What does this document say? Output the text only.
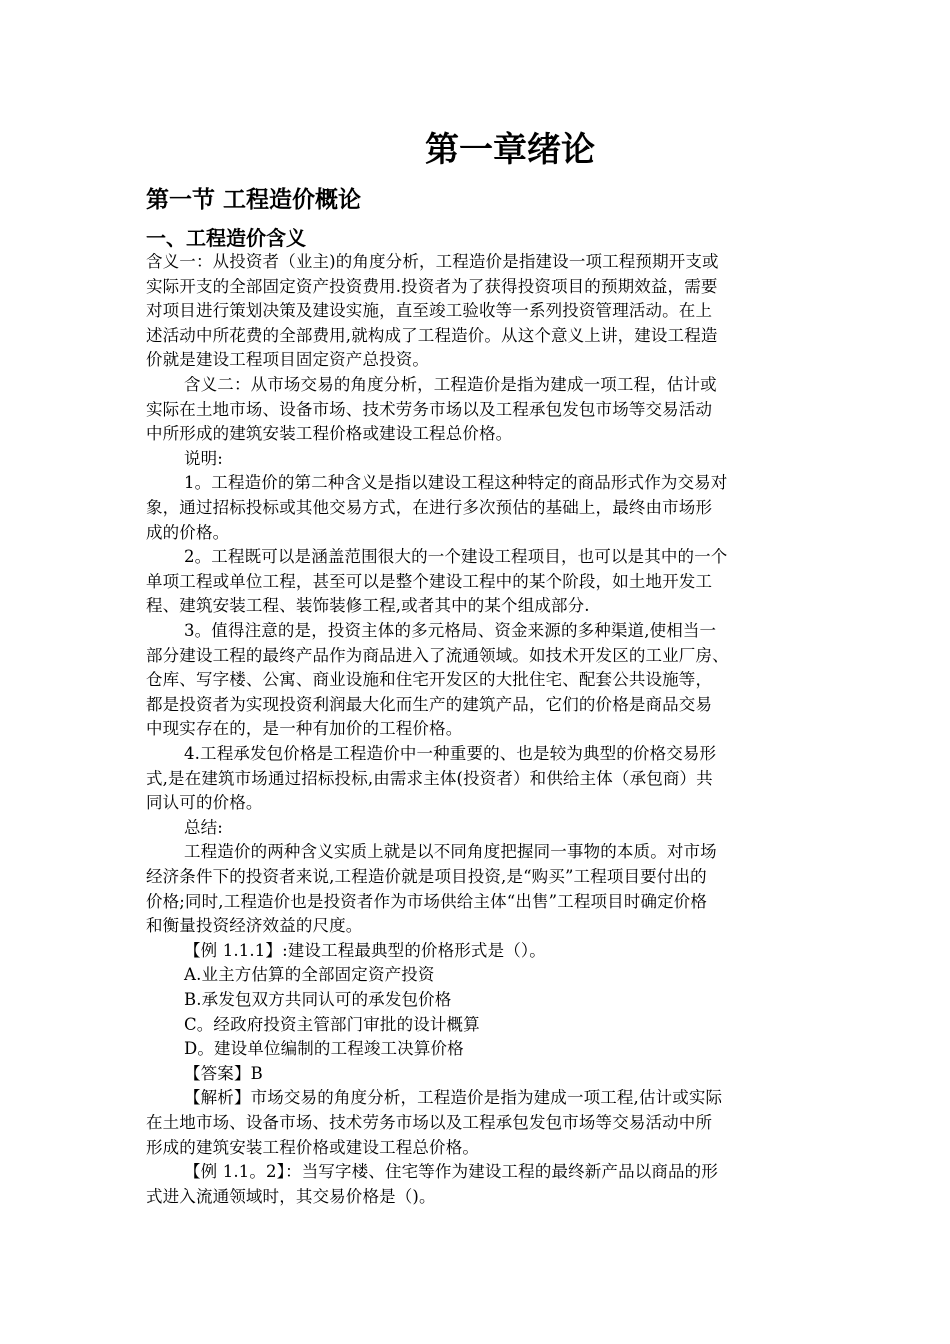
第一章绪论
第一节 工程造价概论
一、工程造价含义
含义一：从投资者（业主)的角度分析，工程造价是指建设一项工程预期开支或
实际开支的全部固定资产投资费用.投资者为了获得投资项目的预期效益，需要
对项目进行策划决策及建设实施，直至竣工验收等一系列投资管理活动。在上
述活动中所花费的全部费用,就构成了工程造价。从这个意义上讲，建设工程造
价就是建设工程项目固定资产总投资。
含义二：从市场交易的角度分析，工程造价是指为建成一项工程，估计或
实际在土地市场、设备市场、技术劳务市场以及工程承包发包市场等交易活动
中所形成的建筑安装工程价格或建设工程总价格。
说明:
1。工程造价的第二种含义是指以建设工程这种特定的商品形式作为交易对
象，通过招标投标或其他交易方式，在进行多次预估的基础上，最终由市场形
成的价格。
2。工程既可以是涵盖范围很大的一个建设工程项目，也可以是其中的一个
单项工程或单位工程，甚至可以是整个建设工程中的某个阶段，如土地开发工
程、建筑安装工程、装饰装修工程,或者其中的某个组成部分.
3。值得注意的是，投资主体的多元格局、资金来源的多种渠道,使相当一
部分建设工程的最终产品作为商品进入了流通领域。如技术开发区的工业厂房、
仓库、写字楼、公寓、商业设施和住宅开发区的大批住宅、配套公共设施等，
都是投资者为实现投资利润最大化而生产的建筑产品，它们的价格是商品交易
中现实存在的，是一种有加价的工程价格。
4.工程承发包价格是工程造价中一种重要的、也是较为典型的价格交易形
式,是在建筑市场通过招标投标,由需求主体(投资者）和供给主体（承包商）共
同认可的价格。
总结:
工程造价的两种含义实质上就是以不同角度把握同一事物的本质。对市场
经济条件下的投资者来说,工程造价就是项目投资,是“购买”工程项目要付出的
价格;同时,工程造价也是投资者作为市场供给主体“出售”工程项目时确定价格
和衡量投资经济效益的尺度。
【例 1.1.1】:建设工程最典型的价格形式是（）。
A.业主方估算的全部固定资产投资
B.承发包双方共同认可的承发包价格
C。经政府投资主管部门审批的设计概算
D。建设单位编制的工程竣工决算价格
【答案】B
【解析】市场交易的角度分析，工程造价是指为建成一项工程,估计或实际
在土地市场、设备市场、技术劳务市场以及工程承包发包市场等交易活动中所
形成的建筑安装工程价格或建设工程总价格。
【例 1.1。2】：当写字楼、住宅等作为建设工程的最终新产品以商品的形
式进入流通领域时，其交易价格是（)。
